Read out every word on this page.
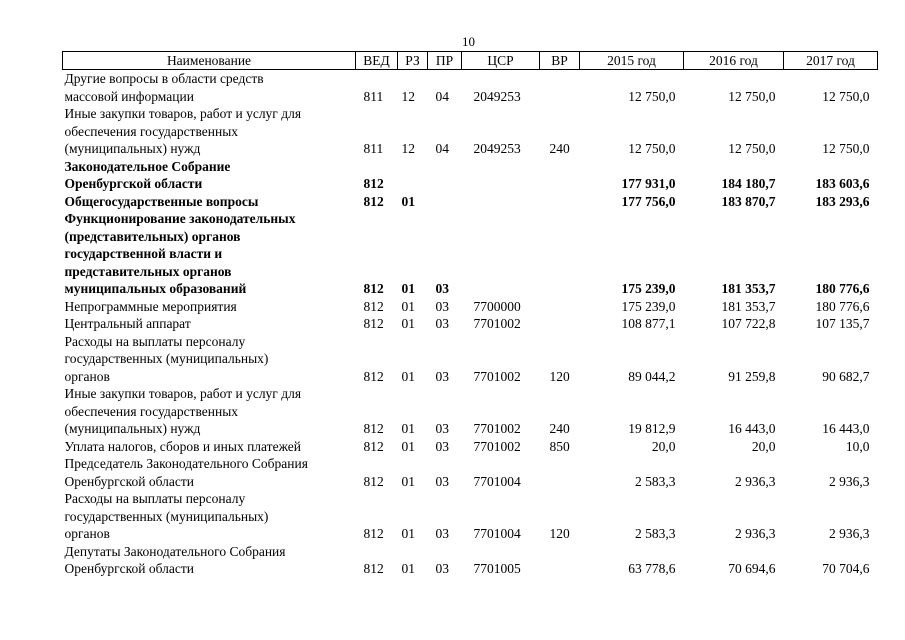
10
Наименование	ВЕД	РЗ	ПР	ЦСР	ВР	2015 год	2016 год	2017 год

Другие вопросы в области средств
массовой информации	811	12	04	2049253		12 750,0	12 750,0	12 750,0

Иные закупки товаров, работ и услуг для
обеспечения государственных
(муниципальных) нужд	811	12	04	2049253	240	12 750,0	12 750,0	12 750,0

Законодательное Собрание
Оренбургской области	812					177 931,0	184 180,7	183 603,6

Общегосударственные вопросы	812	01				177 756,0	183 870,7	183 293,6

Функционирование законодательных
(представительных) органов
государственной власти и
представительных органов
муниципальных образований	812	01	03			175 239,0	181 353,7	180 776,6

Непрограммные мероприятия	812	01	03	7700000		175 239,0	181 353,7	180 776,6

Центральный аппарат	812	01	03	7701002		108 877,1	107 722,8	107 135,7

Расходы на выплаты персоналу
государственных (муниципальных)
органов	812	01	03	7701002	120	89 044,2	91 259,8	90 682,7

Иные закупки товаров, работ и услуг для
обеспечения государственных
(муниципальных) нужд	812	01	03	7701002	240	19 812,9	16 443,0	16 443,0

Уплата налогов, сборов и иных платежей	812	01	03	7701002	850	20,0	20,0	10,0

Председатель Законодательного Собрания
Оренбургской области	812	01	03	7701004		2 583,3	2 936,3	2 936,3

Расходы на выплаты персоналу
государственных (муниципальных)
органов	812	01	03	7701004	120	2 583,3	2 936,3	2 936,3

Депутаты Законодательного Собрания
Оренбургской области	812	01	03	7701005		63 778,6	70 694,6	70 704,6
